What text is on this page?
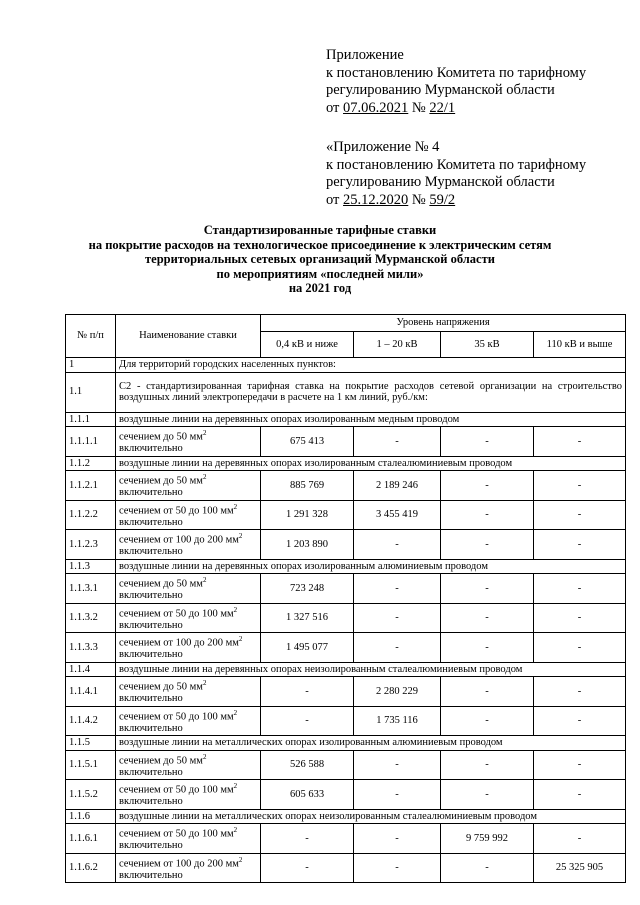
Приложение
к постановлению Комитета по тарифному
регулированию Мурманской области
от 07.06.2021 № 22/1
«Приложение № 4
к постановлению Комитета по тарифному
регулированию Мурманской области
от 25.12.2020 № 59/2
Стандартизированные тарифные ставки
на покрытие расходов на технологическое присоединение к электрическим сетям
территориальных сетевых организаций Мурманской области
по мероприятиям «последней мили»
на 2021 год
№ п/п	Наименование ставки	Уровень напряжения			
		0,4 кВ и ниже	1 – 20 кВ	35 кВ	110 кВ и выше
1	Для территорий городских населенных пунктов:				
1.1	С2 - стандартизированная тарифная ставка на покрытие расходов сетевой организации на строительство воздушных линий электропередачи в расчете на 1 км линий, руб./км:				
1.1.1	воздушные линии на деревянных опорах изолированным медным проводом				
1.1.1.1	сечением до 50 $мм^2$ включительно	675 413	-	-	-
1.1.2	воздушные линии на деревянных опорах изолированным сталеалюминиевым проводом				
1.1.2.1	сечением до 50 $мм^2$ включительно	885 769	2 189 246	-	-
1.1.2.2	сечением от 50 до 100 $мм^2$ включительно	1 291 328	3 455 419	-	-
1.1.2.3	сечением от 100 до 200 $мм^2$ включительно	1 203 890	-	-	-
1.1.3	воздушные линии на деревянных опорах изолированным алюминиевым проводом				
1.1.3.1	сечением до 50 $мм^2$ включительно	723 248	-	-	-
1.1.3.2	сечением от 50 до 100 $мм^2$ включительно	1 327 516	-	-	-
1.1.3.3	сечением от 100 до 200 $мм^2$ включительно	1 495 077	-	-	-
1.1.4	воздушные линии на деревянных опорах неизолированным сталеалюминиевым проводом				
1.1.4.1	сечением до 50 $мм^2$ включительно	-	2 280 229	-	-
1.1.4.2	сечением от 50 до 100 $мм^2$ включительно	-	1 735 116	-	-
1.1.5	воздушные линии на металлических опорах изолированным алюминиевым проводом				
1.1.5.1	сечением до 50 $мм^2$ включительно	526 588	-	-	-
1.1.5.2	сечением от 50 до 100 $мм^2$ включительно	605 633	-	-	-
1.1.6	воздушные линии на металлических опорах неизолированным сталеалюминиевым проводом				
1.1.6.1	сечением от 50 до 100 $мм^2$ включительно	-	-	9 759 992	-
1.1.6.2	сечением от 100 до 200 $мм^2$ включительно	-	-	-	25 325 905
